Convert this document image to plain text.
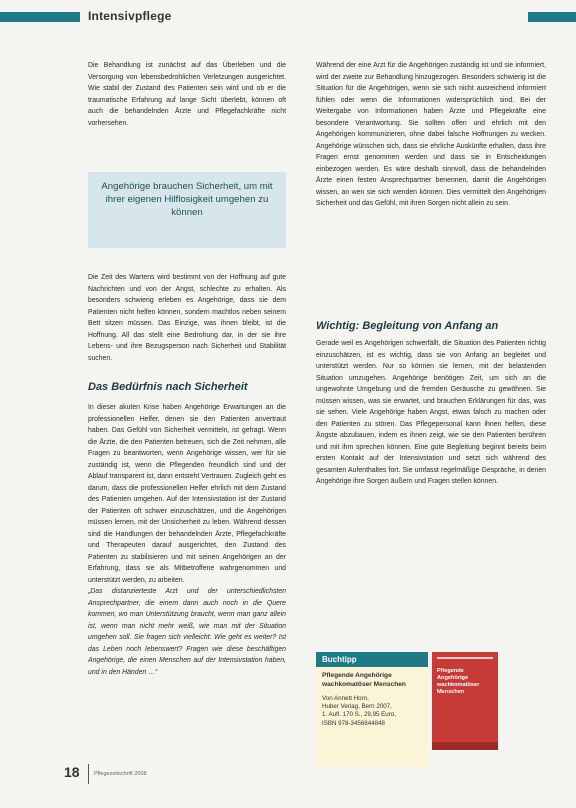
Intensivpflege

Die Behandlung ist zunächst auf das Überleben und die Versorgung von lebensbedrohlichen Verletzungen ausgerichtet. Wie stabil der Zustand des Patienten sein wird und ob er die traumatische Erfahrung auf lange Sicht überlebt, können oft auch die behandelnden Ärzte und Pflegefachkräfte nicht vorhersehen.

Angehörige brauchen Sicherheit, um mit ihrer eigenen Hilflosigkeit umgehen zu können

Die Zeit des Wartens wird bestimmt von der Hoffnung auf gute Nachrichten und von der Angst, schlechte zu erhalten. Als besonders schwierig erleben es Angehörige, dass sie dem Patienten nicht helfen können, sondern machtlos neben seinem Bett sitzen müssen. Das Einzige, was ihnen bleibt, ist die Hoffnung. All das stellt eine Bedrohung dar, in der sie ihre Lebens- und ihre Bezugsperson nach Sicherheit und Stabilität suchen.

Das Bedürfnis nach Sicherheit

In dieser akuten Krise haben Angehörige Erwartungen an die professionellen Helfer, denen sie den Patienten anvertraut haben. Das Gefühl von Sicherheit vermitteln, ist gefragt. Wenn die Ärzte, die den Patienten betreuen, sich die Zeit nehmen, alle Fragen zu beantworten, wenn Angehörige wissen, wer für sie zuständig ist, wenn die Pflegenden freundlich sind und der Ablauf transparent ist, dann entsteht Vertrauen. Zugleich geht es darum, dass die professionellen Helfer ehrlich mit dem Zustand des Patienten umgehen. Auf der Intensivstation ist der Zustand der Patienten oft schwer einzuschätzen, und die Angehörigen müssen lernen, mit der Unsicherheit zu leben. Während dessen sind die Handlungen der behandelnden Ärzte, Pflegefachkräfte und Therapeuten darauf ausgerichtet, den Zustand des Patienten zu stabilisieren und mit seinen Angehörigen an der Erfahrung, dass sie als Mitbetroffene wahrgenommen und unterstützt werden, zu arbeiten.

„Das distanzierteste Arzt und der unterschiedlichsten Ansprechpartner, die einem dann auch noch in die Quere kommen, wo man Unterstützung braucht, wenn man ganz allein ist, wenn man nicht mehr weiß, wie man mit der Situation umgehen soll. Sie fragen sich vielleicht: Wie geht es weiter? Ist das Leben noch lebenswert? Fragen wie diese beschäftigen Angehörige, die einen Menschen auf der Intensivstation haben, und in den Händen …“

Während der eine Arzt für die Angehörigen zuständig ist und sie informiert, wird der zweite zur Behandlung hinzugezogen. Besonders schwierig ist die Situation für die Angehörigen, wenn sie sich nicht ausreichend informiert fühlen oder wenn die Informationen widersprüchlich sind. Bei der Weitergabe von Informationen haben Ärzte und Pflegekräfte eine besondere Verantwortung. Sie sollten offen und ehrlich mit den Angehörigen kommunizieren, ohne dabei falsche Hoffnungen zu wecken. Angehörige wünschen sich, dass sie ehrliche Auskünfte erhalten, dass ihre Fragen ernst genommen werden und dass sie in Entscheidungen einbezogen werden. Es wäre deshalb sinnvoll, dass die behandelnden Ärzte einen festen Ansprechpartner benennen, damit die Angehörigen wissen, an wen sie sich wenden können. Dies vermittelt den Angehörigen Sicherheit und das Gefühl, mit ihren Sorgen nicht allein zu sein.

Wichtig: Begleitung von Anfang an

Gerade weil es Angehörigen schwerfällt, die Situation des Patienten richtig einzuschätzen, ist es wichtig, dass sie von Anfang an begleitet und unterstützt werden. Nur so können sie lernen, mit der belastenden Situation umzugehen. Angehörige benötigen Zeit, um sich an die ungewohnte Umgebung und die fremden Geräusche zu gewöhnen. Sie müssen wissen, was sie erwartet, und brauchen Erklärungen für das, was sie sehen. Viele Angehörige haben Angst, etwas falsch zu machen oder den Patienten zu stören. Das Pflegepersonal kann ihnen helfen, diese Ängste abzubauen, indem es ihnen zeigt, wie sie den Patienten berühren und mit ihm sprechen können. Eine gute Begleitung beginnt bereits beim ersten Kontakt auf der Intensivstation und setzt sich während des gesamten Aufenthaltes fort. Sie umfasst regelmäßige Gespräche, in denen Angehörige ihre Sorgen äußern und Fragen stellen können.

Buchtipp
Pflegende Angehörige wachkomatöser Menschen
Von Annett Horn,
Huber Verlag, Bern 2007,
1. Aufl. 170 S., 29,95 Euro,
ISBN 978-3456844848
Pflegende Angehörige wachkomatöser Menschen
18	Pflegezeitschrift 2008
